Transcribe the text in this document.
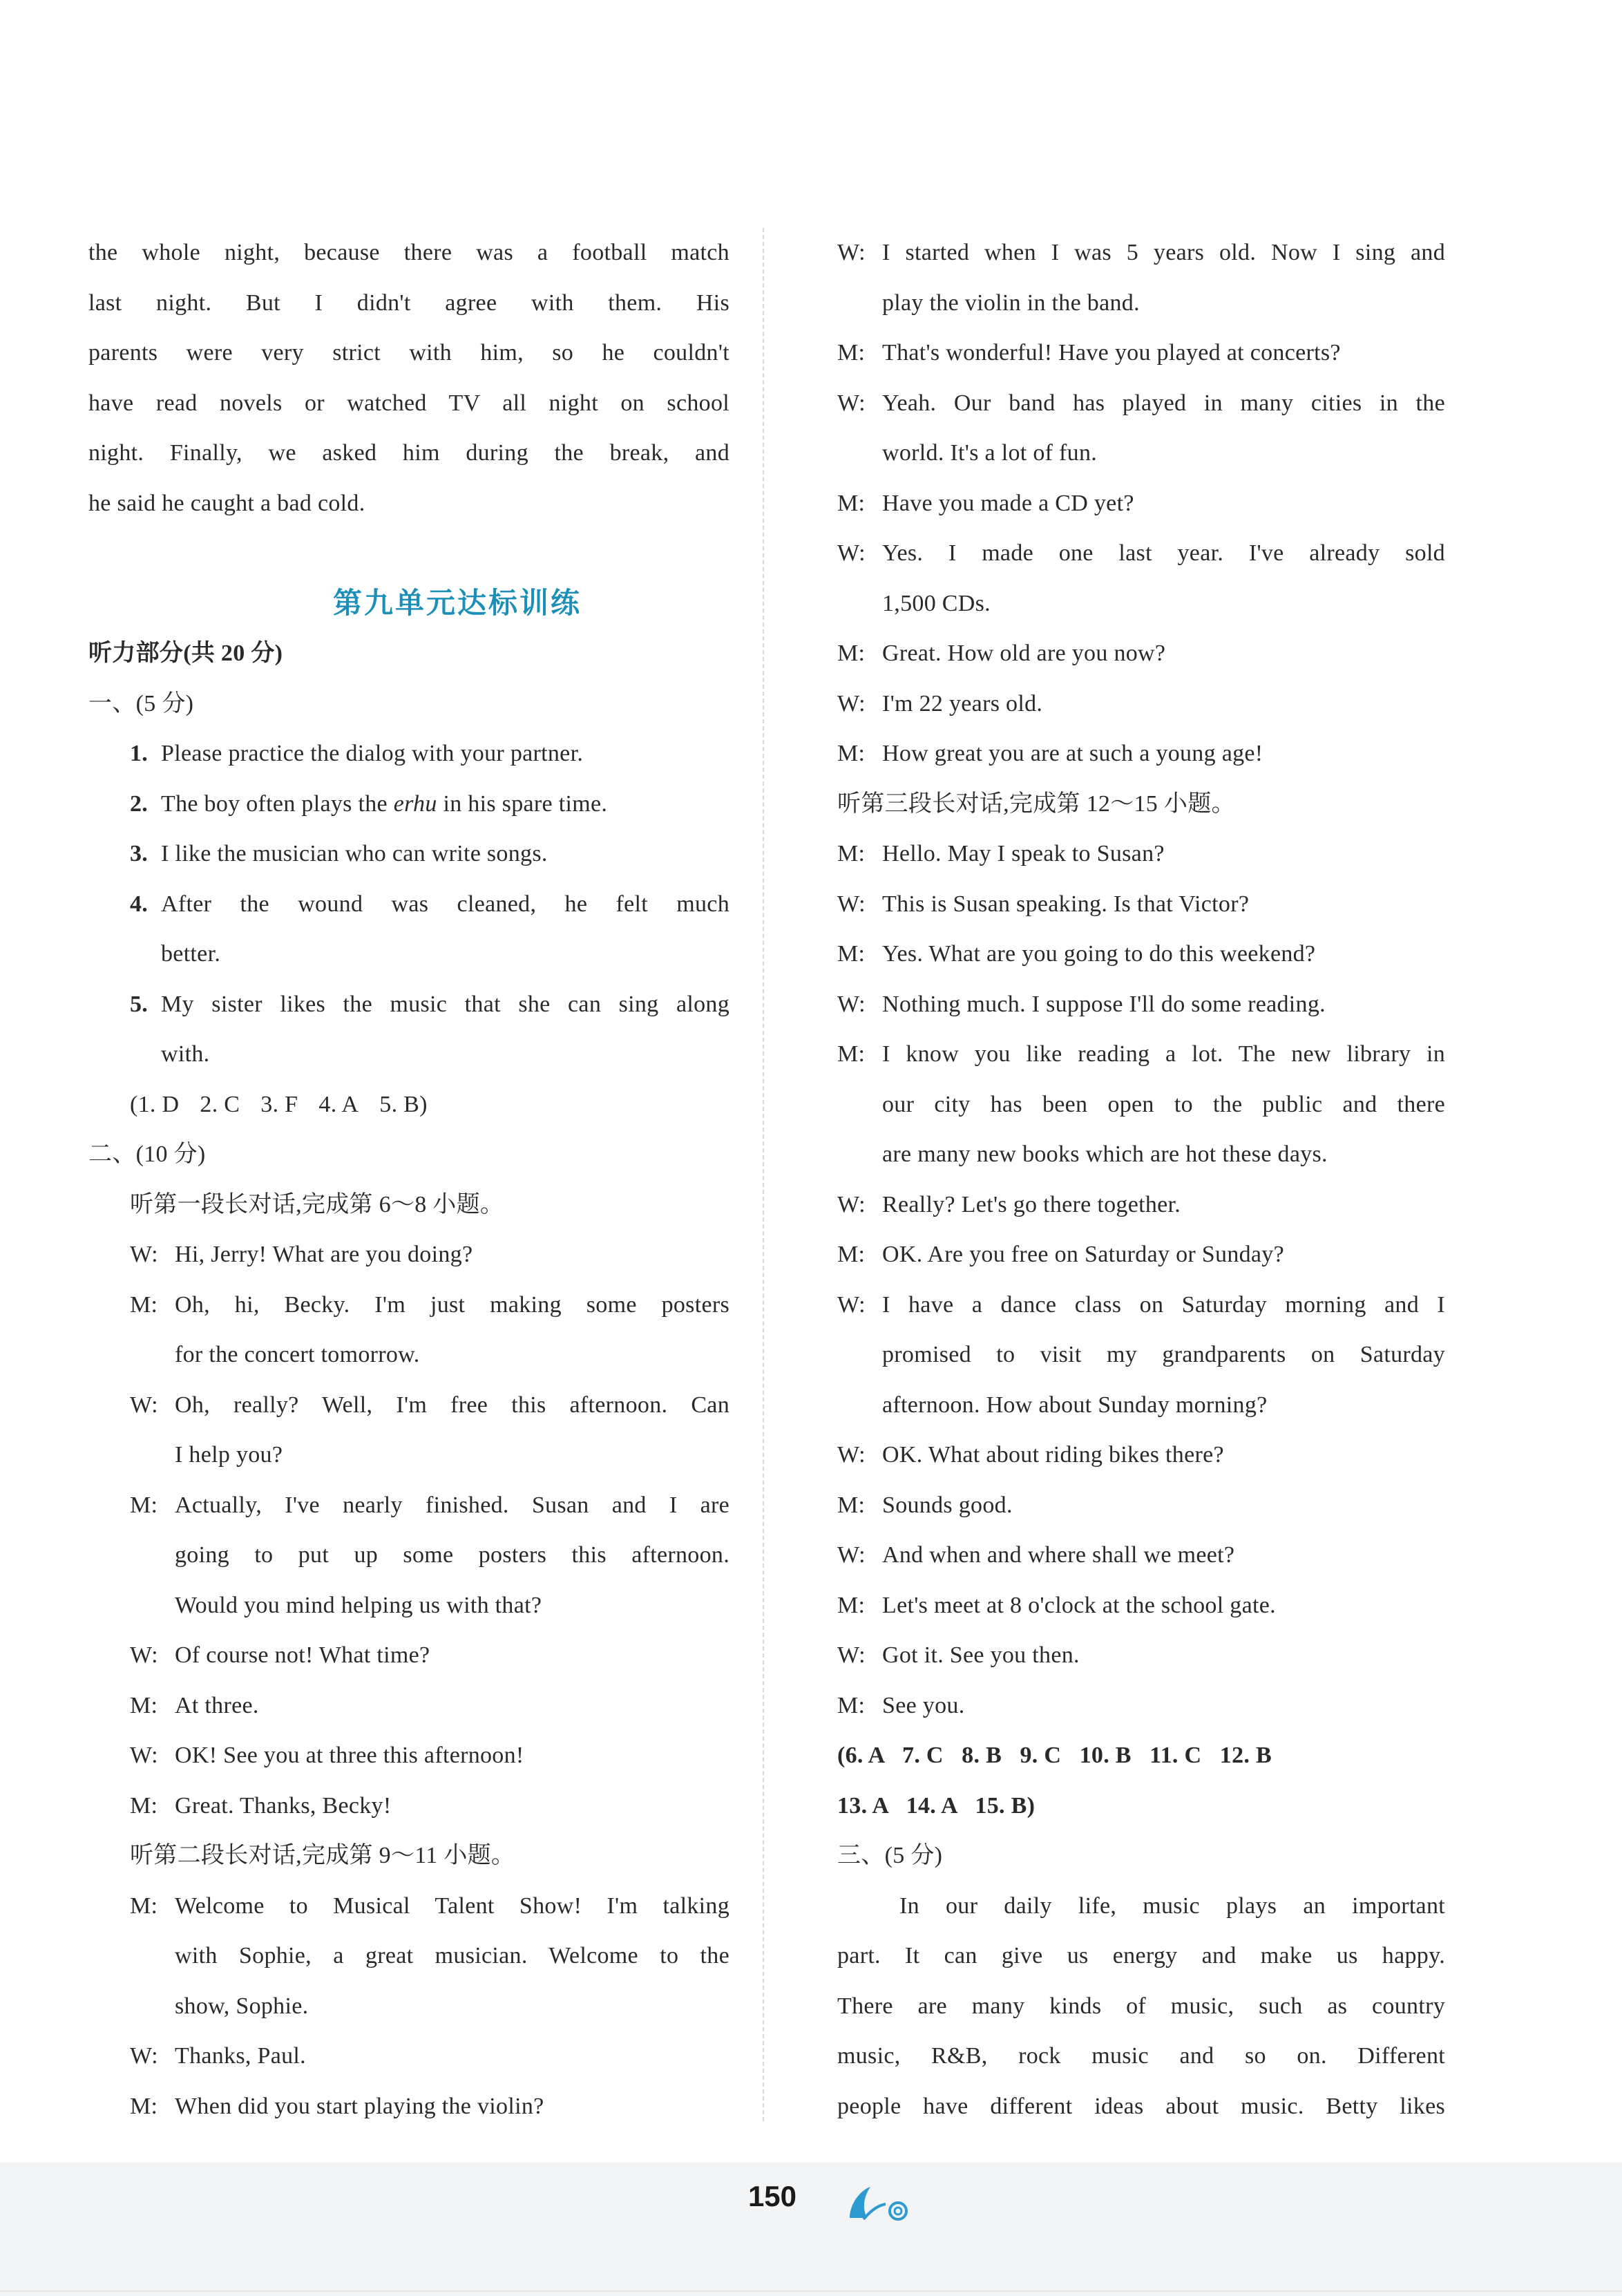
the whole night, because there was a football match
last night. But I didn't agree with them. His
parents were very strict with him, so he couldn't
have read novels or watched TV all night on school
night. Finally, we asked him during the break, and
he said he caught a bad cold.
第九单元达标训练
听力部分(共 20 分)
一、(5 分)
1. Please practice the dialog with your partner.
2. The boy often plays the erhu in his spare time.
3. I like the musician who can write songs.
4. After the wound was cleaned, he felt much
better.
5. My sister likes the music that she can sing along
with.
(1. D 2. C 3. F 4. A 5. B)
二、(10 分)
听第一段长对话,完成第 6～8 小题。
W: Hi, Jerry! What are you doing?
M: Oh, hi, Becky. I'm just making some posters
for the concert tomorrow.
W: Oh, really? Well, I'm free this afternoon. Can
I help you?
M: Actually, I've nearly finished. Susan and I are
going to put up some posters this afternoon.
Would you mind helping us with that?
W: Of course not! What time?
M: At three.
W: OK! See you at three this afternoon!
M: Great. Thanks, Becky!
听第二段长对话,完成第 9～11 小题。
M: Welcome to Musical Talent Show! I'm talking
with Sophie, a great musician. Welcome to the
show, Sophie.
W: Thanks, Paul.
M: When did you start playing the violin?
W: I started when I was 5 years old. Now I sing and
play the violin in the band.
M: That's wonderful! Have you played at concerts?
W: Yeah. Our band has played in many cities in the
world. It's a lot of fun.
M: Have you made a CD yet?
W: Yes. I made one last year. I've already sold
1,500 CDs.
M: Great. How old are you now?
W: I'm 22 years old.
M: How great you are at such a young age!
听第三段长对话,完成第 12～15 小题。
M: Hello. May I speak to Susan?
W: This is Susan speaking. Is that Victor?
M: Yes. What are you going to do this weekend?
W: Nothing much. I suppose I'll do some reading.
M: I know you like reading a lot. The new library in
our city has been open to the public and there
are many new books which are hot these days.
W: Really? Let's go there together.
M: OK. Are you free on Saturday or Sunday?
W: I have a dance class on Saturday morning and I
promised to visit my grandparents on Saturday
afternoon. How about Sunday morning?
W: OK. What about riding bikes there?
M: Sounds good.
W: And when and where shall we meet?
M: Let's meet at 8 o'clock at the school gate.
W: Got it. See you then.
M: See you.
(6. A   7. C   8. B   9. C   10. B   11. C   12. B
13. A   14. A   15. B)
三、(5 分)
In our daily life, music plays an important
part. It can give us energy and make us happy.
There are many kinds of music, such as country
music, R&B, rock music and so on. Different
people have different ideas about music. Betty likes
150
